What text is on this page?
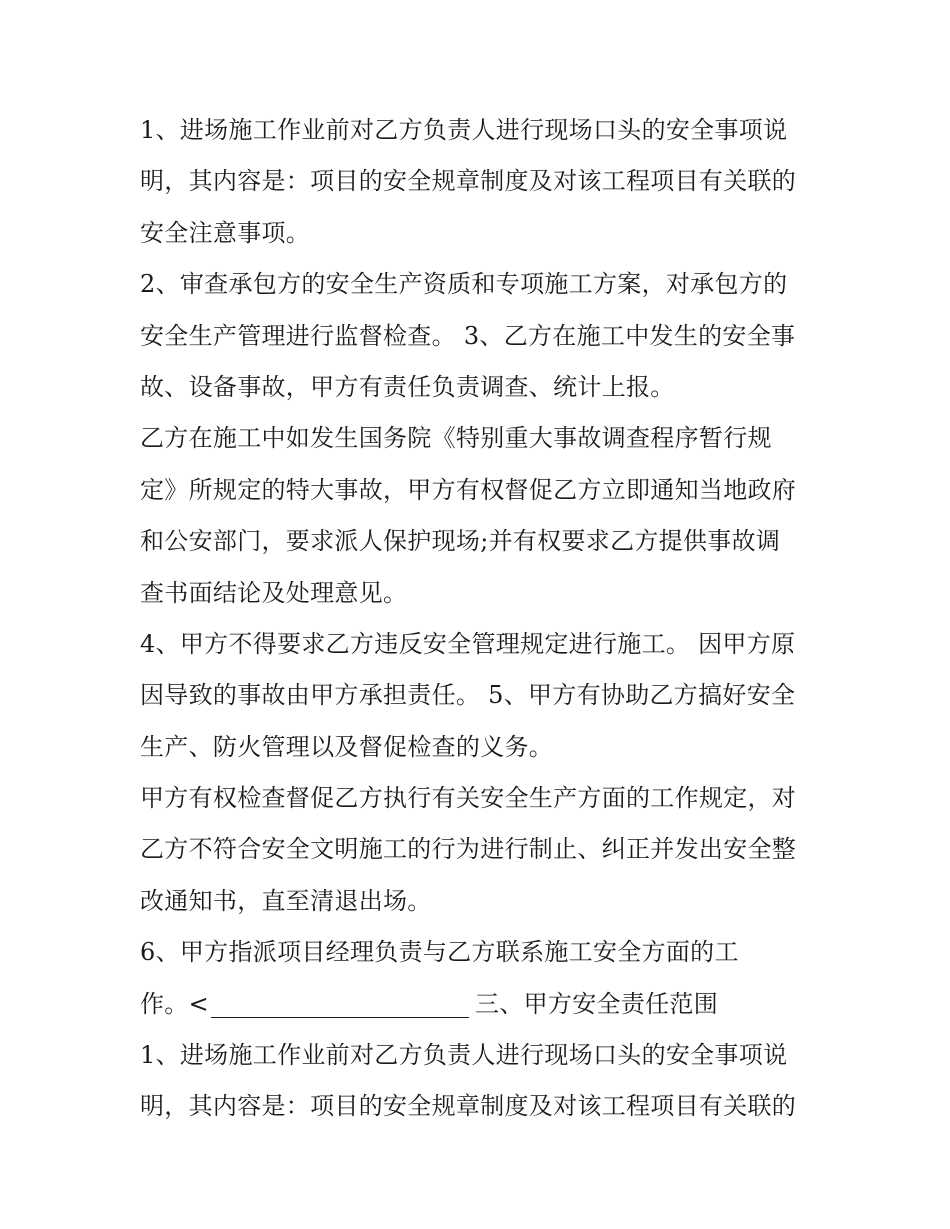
1、进场施工作业前对乙方负责人进行现场口头的安全事项说
明，其内容是：项目的安全规章制度及对该工程项目有关联的
安全注意事项。
2、审查承包方的安全生产资质和专项施工方案，对承包方的
安全生产管理进行监督检查。 3、乙方在施工中发生的安全事
故、设备事故，甲方有责任负责调查、统计上报。
乙方在施工中如发生国务院《特别重大事故调查程序暂行规
定》所规定的特大事故，甲方有权督促乙方立即通知当地政府
和公安部门，要求派人保护现场;并有权要求乙方提供事故调
查书面结论及处理意见。
4、甲方不得要求乙方违反安全管理规定进行施工。 因甲方原
因导致的事故由甲方承担责任。 5、甲方有协助乙方搞好安全
生产、防火管理以及督促检查的义务。
甲方有权检查督促乙方执行有关安全生产方面的工作规定，对
乙方不符合安全文明施工的行为进行制止、纠正并发出安全整
改通知书，直至清退出场。
6、甲方指派项目经理负责与乙方联系施工安全方面的工
作。<	三、甲方安全责任范围
1、进场施工作业前对乙方负责人进行现场口头的安全事项说
明，其内容是：项目的安全规章制度及对该工程项目有关联的
